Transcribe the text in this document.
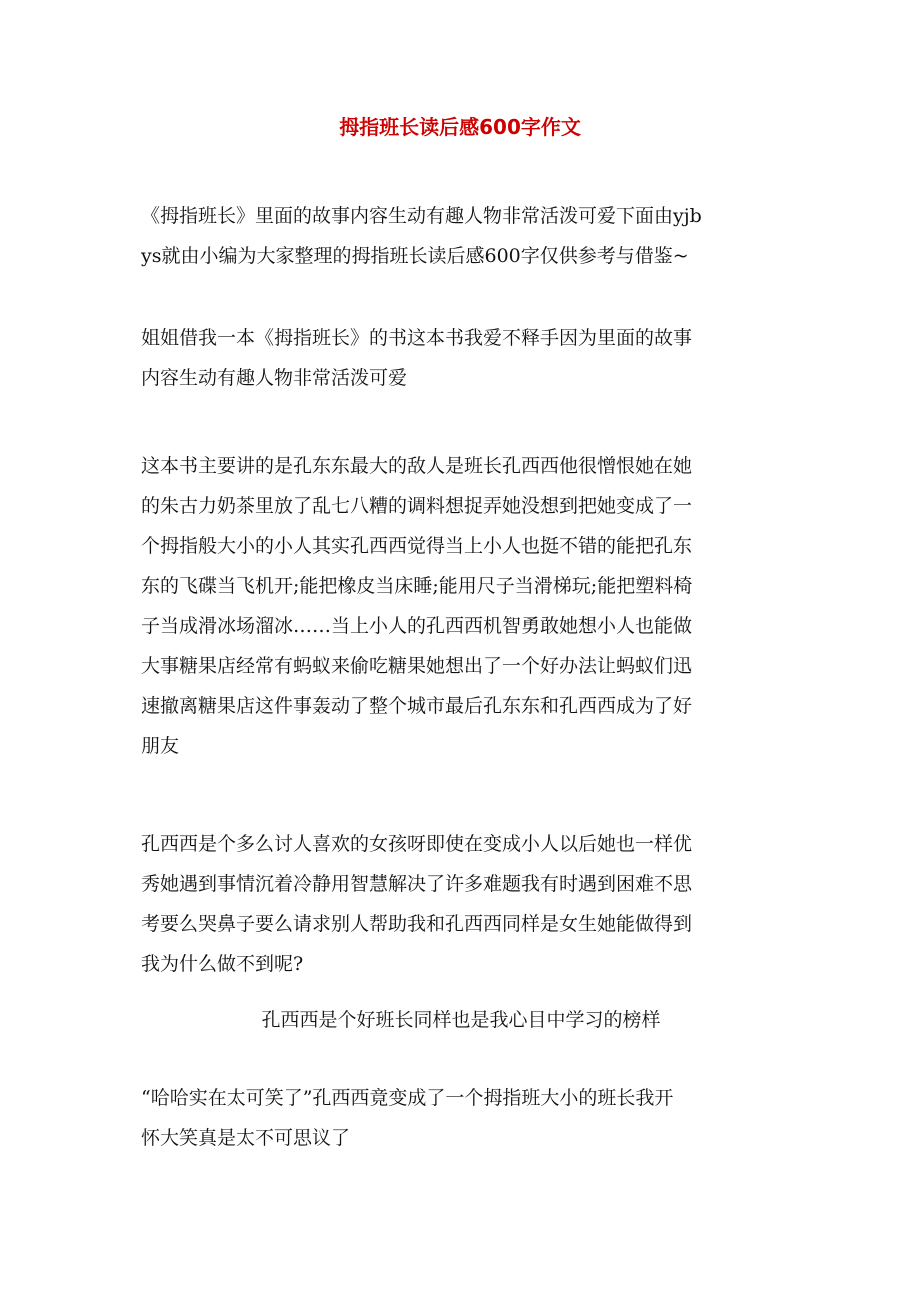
拇指班长读后感600字作文
《拇指班长》里面的故事内容生动有趣人物非常活泼可爱下面由yjb
ys就由小编为大家整理的拇指班长读后感600字仅供参考与借鉴~
姐姐借我一本《拇指班长》的书这本书我爱不释手因为里面的故事
内容生动有趣人物非常活泼可爱
这本书主要讲的是孔东东最大的敌人是班长孔西西他很憎恨她在她
的朱古力奶茶里放了乱七八糟的调料想捉弄她没想到把她变成了一
个拇指般大小的小人其实孔西西觉得当上小人也挺不错的能把孔东
东的飞碟当飞机开;能把橡皮当床睡;能用尺子当滑梯玩;能把塑料椅
子当成滑冰场溜冰……当上小人的孔西西机智勇敢她想小人也能做
大事糖果店经常有蚂蚁来偷吃糖果她想出了一个好办法让蚂蚁们迅
速撤离糖果店这件事轰动了整个城市最后孔东东和孔西西成为了好
朋友
孔西西是个多么讨人喜欢的女孩呀即使在变成小人以后她也一样优
秀她遇到事情沉着冷静用智慧解决了许多难题我有时遇到困难不思
考要么哭鼻子要么请求别人帮助我和孔西西同样是女生她能做得到
我为什么做不到呢?
孔西西是个好班长同样也是我心目中学习的榜样
“哈哈实在太可笑了”孔西西竟变成了一个拇指班大小的班长我开
怀大笑真是太不可思议了
